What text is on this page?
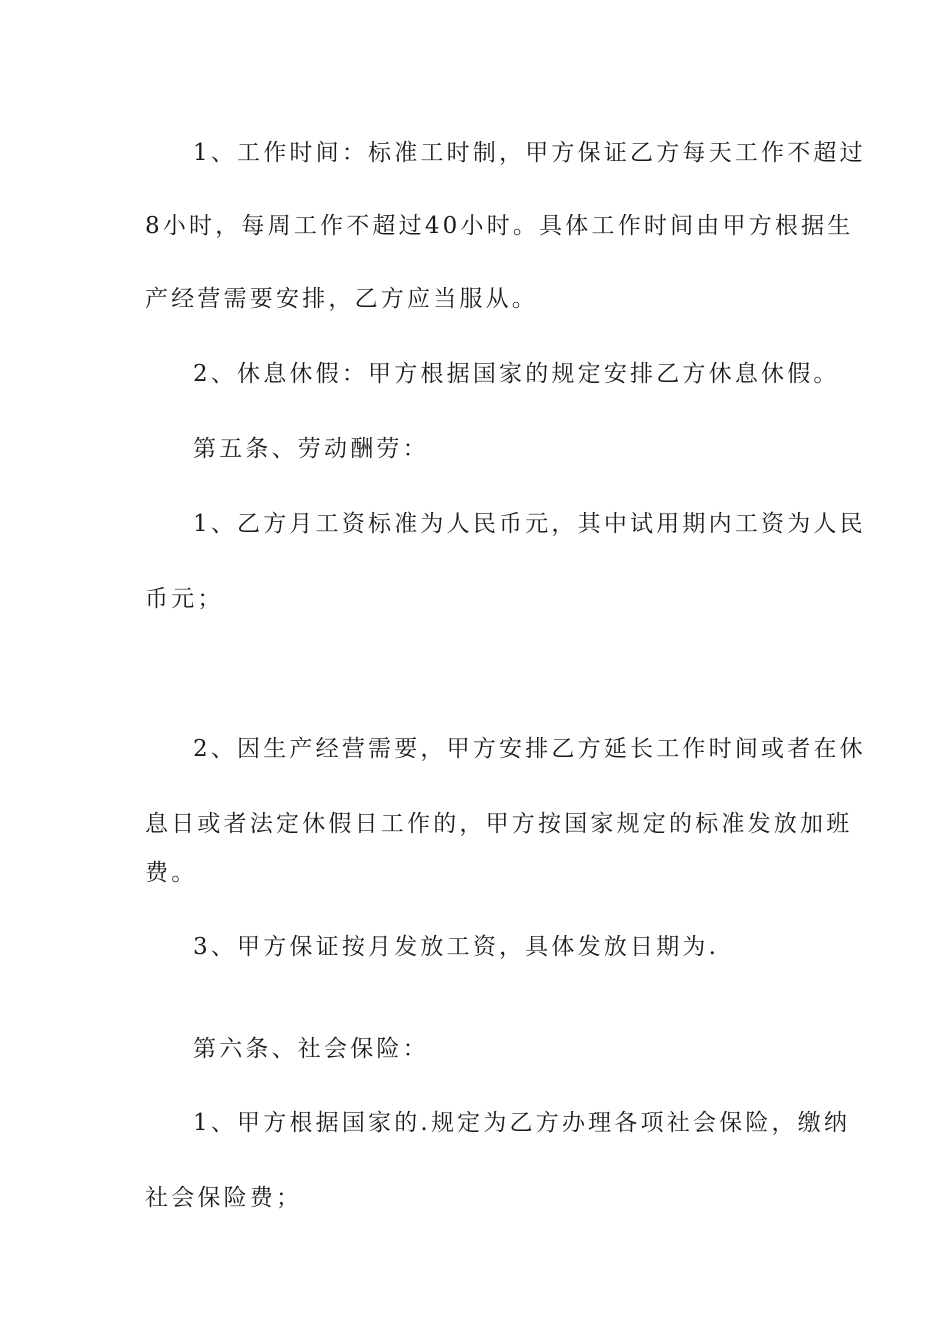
1、工作时间：标准工时制，甲方保证乙方每天工作不超过
8小时，每周工作不超过40小时。具体工作时间由甲方根据生
产经营需要安排，乙方应当服从。
2、休息休假：甲方根据国家的规定安排乙方休息休假。
第五条、劳动酬劳：
1、乙方月工资标准为人民币元，其中试用期内工资为人民
币元；
2、因生产经营需要，甲方安排乙方延长工作时间或者在休
息日或者法定休假日工作的，甲方按国家规定的标准发放加班
费。
3、甲方保证按月发放工资，具体发放日期为.
第六条、社会保险：
1、甲方根据国家的.规定为乙方办理各项社会保险，缴纳
社会保险费；
